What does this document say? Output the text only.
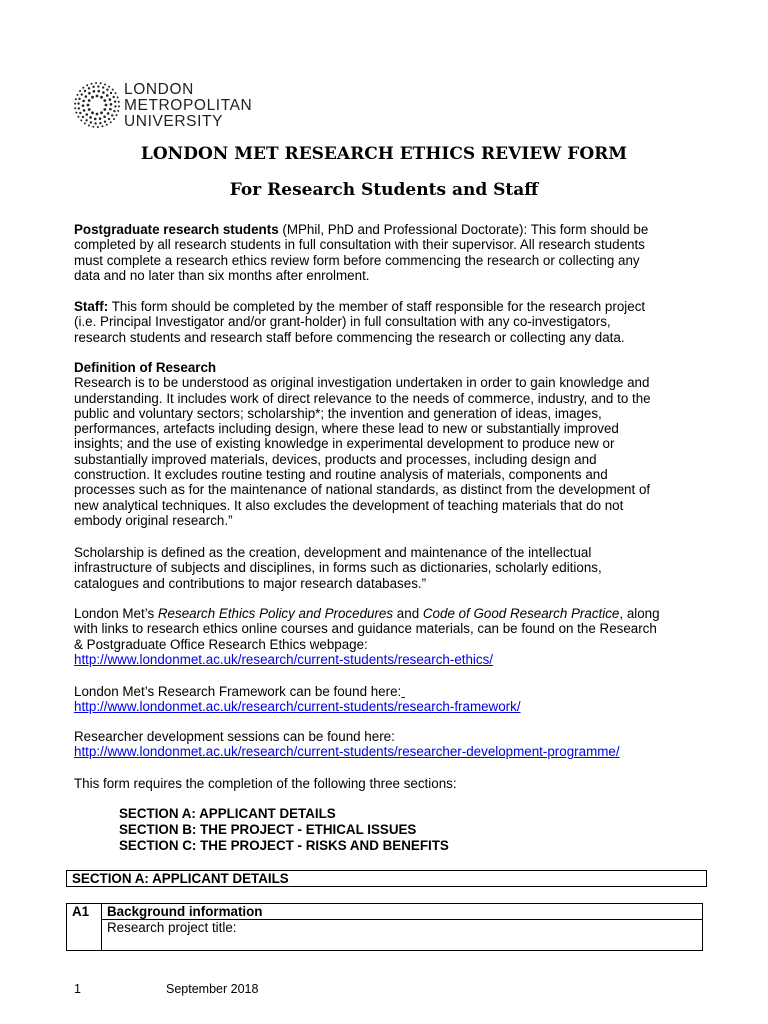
LONDON
METROPOLITAN
UNIVERSITY
LONDON MET RESEARCH ETHICS REVIEW FORM
For Research Students and Staff
Postgraduate research students (MPhil, PhD and Professional Doctorate): This form should be
completed by all research students in full consultation with their supervisor. All research students
must complete a research ethics review form before commencing the research or collecting any
data and no later than six months after enrolment.
Staff: This form should be completed by the member of staff responsible for the research project
(i.e. Principal Investigator and/or grant-holder) in full consultation with any co-investigators,
research students and research staff before commencing the research or collecting any data.
Definition of Research
Research is to be understood as original investigation undertaken in order to gain knowledge and
understanding. It includes work of direct relevance to the needs of commerce, industry, and to the
public and voluntary sectors; scholarship*; the invention and generation of ideas, images,
performances, artefacts including design, where these lead to new or substantially improved
insights; and the use of existing knowledge in experimental development to produce new or
substantially improved materials, devices, products and processes, including design and
construction. It excludes routine testing and routine analysis of materials, components and
processes such as for the maintenance of national standards, as distinct from the development of
new analytical techniques. It also excludes the development of teaching materials that do not
embody original research.”
Scholarship is defined as the creation, development and maintenance of the intellectual
infrastructure of subjects and disciplines, in forms such as dictionaries, scholarly editions,
catalogues and contributions to major research databases.”
London Met’s Research Ethics Policy and Procedures and Code of Good Research Practice, along
with links to research ethics online courses and guidance materials, can be found on the Research
& Postgraduate Office Research Ethics webpage:
http://www.londonmet.ac.uk/research/current-students/research-ethics/
London Met’s Research Framework can be found here:
http://www.londonmet.ac.uk/research/current-students/research-framework/
Researcher development sessions can be found here:
http://www.londonmet.ac.uk/research/current-students/researcher-development-programme/
This form requires the completion of the following three sections:
SECTION A: APPLICANT DETAILS
SECTION B: THE PROJECT - ETHICAL ISSUES
SECTION C: THE PROJECT - RISKS AND BENEFITS
SECTION A: APPLICANT DETAILS
A1	Background information
Research project title:
1	September 2018
